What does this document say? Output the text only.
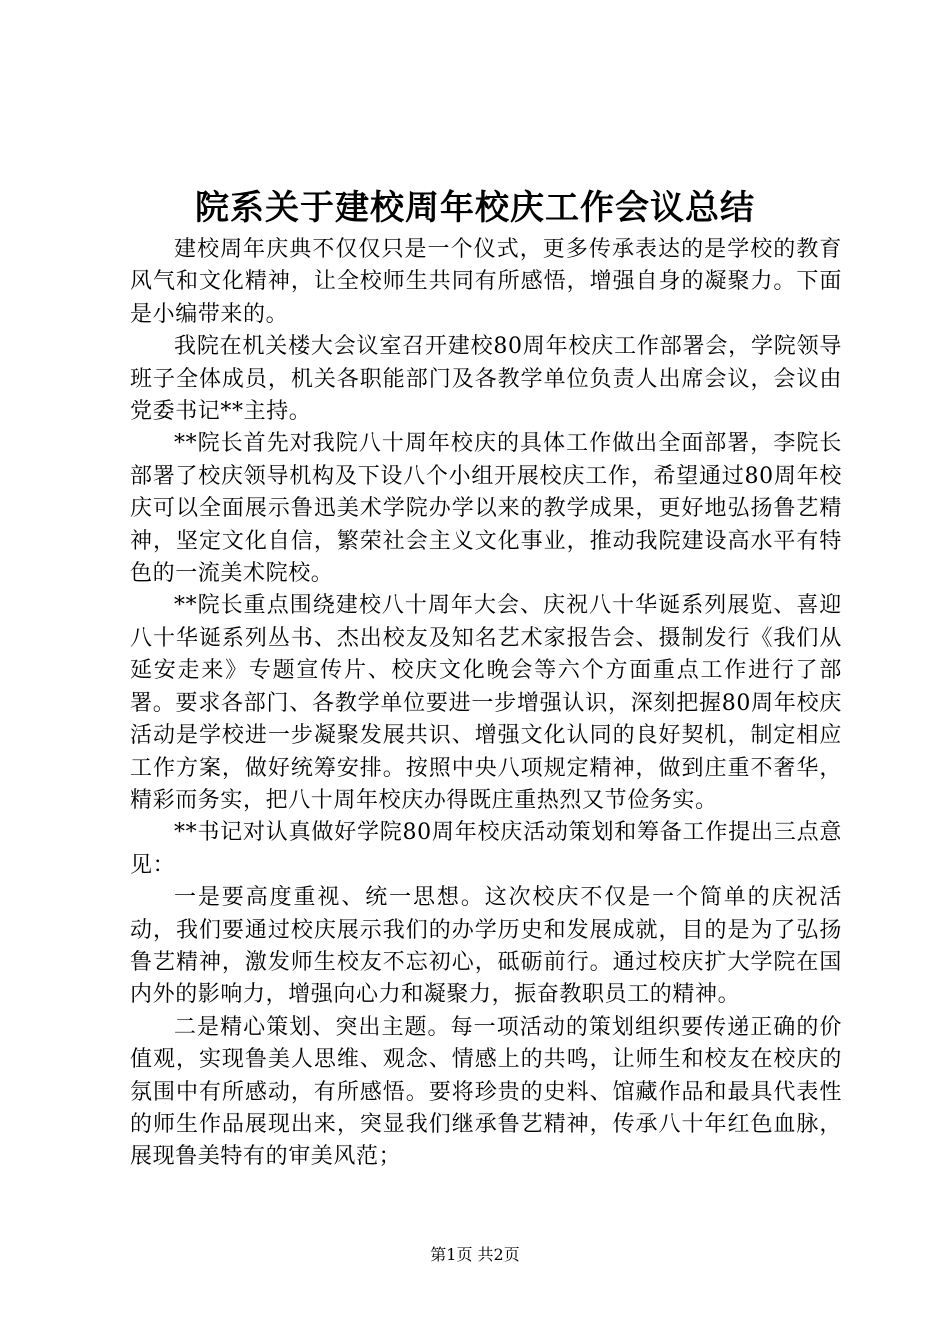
院系关于建校周年校庆工作会议总结

建校周年庆典不仅仅只是一个仪式，更多传承表达的是学校的教育风气和文化精神，让全校师生共同有所感悟，增强自身的凝聚力。下面是小编带来的。

我院在机关楼大会议室召开建校80周年校庆工作部署会，学院领导班子全体成员，机关各职能部门及各教学单位负责人出席会议，会议由党委书记**主持。

**院长首先对我院八十周年校庆的具体工作做出全面部署，李院长部署了校庆领导机构及下设八个小组开展校庆工作，希望通过80周年校庆可以全面展示鲁迅美术学院办学以来的教学成果，更好地弘扬鲁艺精神，坚定文化自信，繁荣社会主义文化事业，推动我院建设高水平有特色的一流美术院校。

**院长重点围绕建校八十周年大会、庆祝八十华诞系列展览、喜迎八十华诞系列丛书、杰出校友及知名艺术家报告会、摄制发行《我们从延安走来》专题宣传片、校庆文化晚会等六个方面重点工作进行了部署。要求各部门、各教学单位要进一步增强认识，深刻把握80周年校庆活动是学校进一步凝聚发展共识、增强文化认同的良好契机，制定相应工作方案，做好统筹安排。按照中央八项规定精神，做到庄重不奢华，精彩而务实，把八十周年校庆办得既庄重热烈又节俭务实。

**书记对认真做好学院80周年校庆活动策划和筹备工作提出三点意见：

一是要高度重视、统一思想。这次校庆不仅是一个简单的庆祝活动，我们要通过校庆展示我们的办学历史和发展成就，目的是为了弘扬鲁艺精神，激发师生校友不忘初心，砥砺前行。通过校庆扩大学院在国内外的影响力，增强向心力和凝聚力，振奋教职员工的精神。

二是精心策划、突出主题。每一项活动的策划组织要传递正确的价值观，实现鲁美人思维、观念、情感上的共鸣，让师生和校友在校庆的氛围中有所感动，有所感悟。要将珍贵的史料、馆藏作品和最具代表性的师生作品展现出来，突显我们继承鲁艺精神，传承八十年红色血脉，展现鲁美特有的审美风范；

第1页 共2页
